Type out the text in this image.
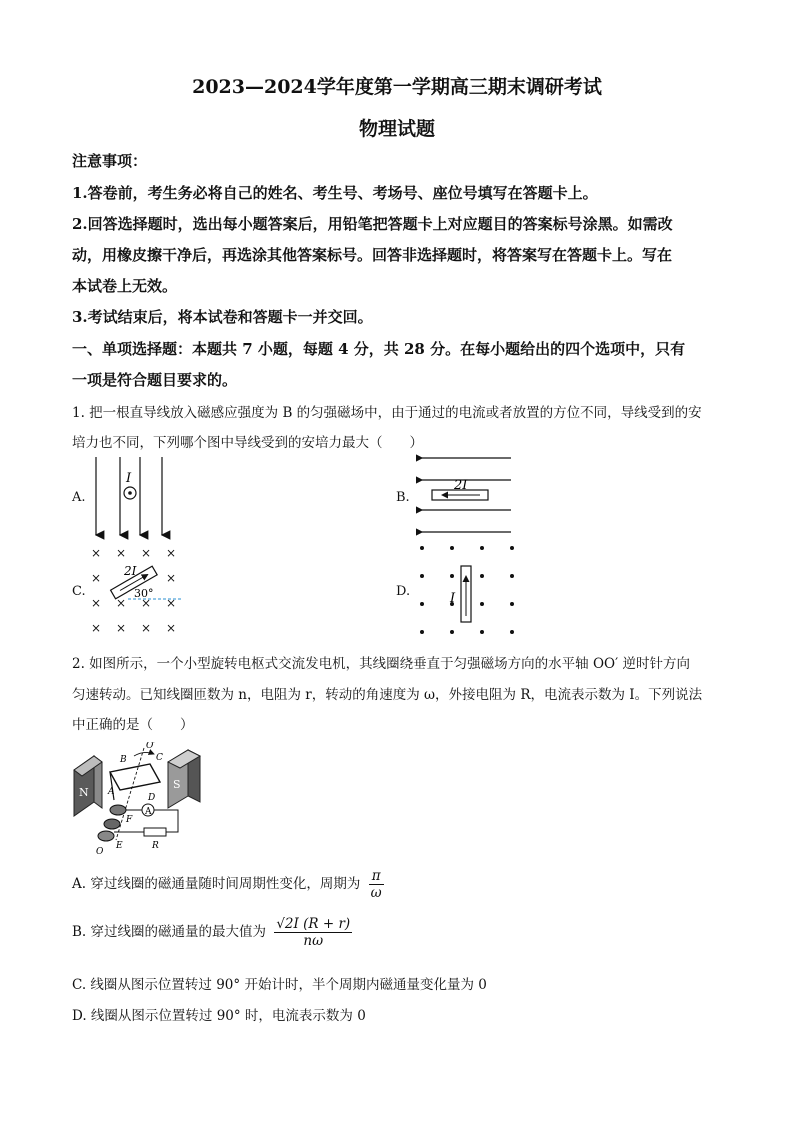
2023—2024学年度第一学期高三期末调研考试
物理试题
注意事项：
1.答卷前，考生务必将自己的姓名、考生号、考场号、座位号填写在答题卡上。
2.回答选择题时，选出每小题答案后，用铅笔把答题卡上对应题目的答案标号涂黑。如需改
动，用橡皮擦干净后，再选涂其他答案标号。回答非选择题时，将答案写在答题卡上。写在
本试卷上无效。
3.考试结束后，将本试卷和答题卡一并交回。
一、单项选择题：本题共 7 小题，每题 4 分，共 28 分。在每小题给出的四个选项中，只有
一项是符合题目要求的。
1. 把一根直导线放入磁感应强度为 B 的匀强磁场中，由于通过的电流或者放置的方位不同，导线受到的安
培力也不同，下列哪个图中导线受到的安培力最大（　　）
A.	B.
C.	D.
I	2I
× × × ×
×	×
× × × ×
× × × ×
2I
30°	I
2. 如图所示，一个小型旋转电枢式交流发电机，其线圈绕垂直于匀强磁场方向的水平轴 OO′ 逆时针方向
匀速转动。已知线圈匝数为 n，电阻为 r，转动的角速度为 ω，外接电阻为 R，电流表示数为 I。下列说法
中正确的是（　　）
N
S
A
B	C
O′
A
D
F
E	R
O
A. 穿过线圈的磁通量随时间周期性变化，周期为 $\frac{\pi}{\omega}$
B. 穿过线圈的磁通量的最大值为 $\frac{√2I (R + r)}{n\omega}$
C. 线圈从图示位置转过 90° 开始计时，半个周期内磁通量变化量为 0
D. 线圈从图示位置转过 90° 时，电流表示数为 0
